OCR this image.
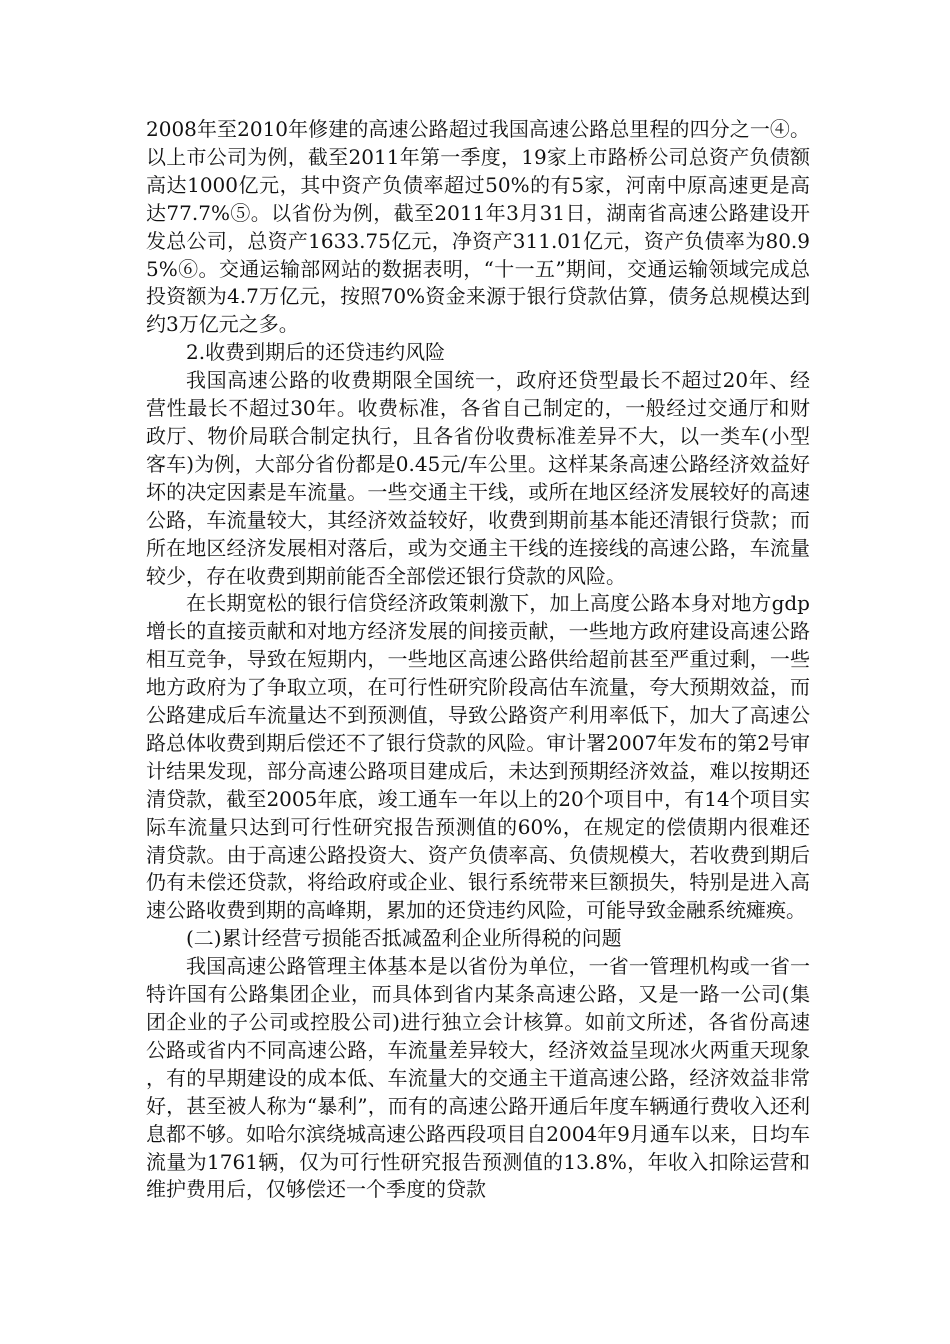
2008年至2010年修建的高速公路超过我国高速公路总里程的四分之一④。以上市公司为例，截至2011年第一季度，19家上市路桥公司总资产负债额高达1000亿元，其中资产负债率超过50%的有5家，河南中原高速更是高达77.7%⑤。以省份为例，截至2011年3月31日，湖南省高速公路建设开发总公司，总资产1633.75亿元，净资产311.01亿元，资产负债率为80.95%⑥。交通运输部网站的数据表明，“十一五”期间，交通运输领域完成总投资额为4.7万亿元，按照70%资金来源于银行贷款估算，债务总规模达到约3万亿元之多。

2.收费到期后的还贷违约风险

我国高速公路的收费期限全国统一，政府还贷型最长不超过20年、经营性最长不超过30年。收费标准，各省自己制定的，一般经过交通厅和财政厅、物价局联合制定执行，且各省份收费标准差异不大，以一类车(小型客车)为例，大部分省份都是0.45元/车公里。这样某条高速公路经济效益好坏的决定因素是车流量。一些交通主干线，或所在地区经济发展较好的高速公路，车流量较大，其经济效益较好，收费到期前基本能还清银行贷款；而所在地区经济发展相对落后，或为交通主干线的连接线的高速公路，车流量较少，存在收费到期前能否全部偿还银行贷款的风险。

在长期宽松的银行信贷经济政策刺激下，加上高度公路本身对地方gdp增长的直接贡献和对地方经济发展的间接贡献，一些地方政府建设高速公路相互竞争，导致在短期内，一些地区高速公路供给超前甚至严重过剩，一些地方政府为了争取立项，在可行性研究阶段高估车流量，夸大预期效益，而公路建成后车流量达不到预测值，导致公路资产利用率低下，加大了高速公路总体收费到期后偿还不了银行贷款的风险。审计署2007年发布的第2号审计结果发现，部分高速公路项目建成后，未达到预期经济效益，难以按期还清贷款，截至2005年底，竣工通车一年以上的20个项目中，有14个项目实际车流量只达到可行性研究报告预测值的60%，在规定的偿债期内很难还清贷款。由于高速公路投资大、资产负债率高、负债规模大，若收费到期后仍有未偿还贷款，将给政府或企业、银行系统带来巨额损失，特别是进入高速公路收费到期的高峰期，累加的还贷违约风险，可能导致金融系统瘫痪。

(二)累计经营亏损能否抵减盈利企业所得税的问题

我国高速公路管理主体基本是以省份为单位，一省一管理机构或一省一特许国有公路集团企业，而具体到省内某条高速公路，又是一路一公司(集团企业的子公司或控股公司)进行独立会计核算。如前文所述，各省份高速公路或省内不同高速公路，车流量差异较大，经济效益呈现冰火两重天现象，有的早期建设的成本低、车流量大的交通主干道高速公路，经济效益非常好，甚至被人称为“暴利”，而有的高速公路开通后年度车辆通行费收入还利息都不够。如哈尔滨绕城高速公路西段项目自2004年9月通车以来，日均车流量为1761辆，仅为可行性研究报告预测值的13.8%，年收入扣除运营和维护费用后，仅够偿还一个季度的贷款
